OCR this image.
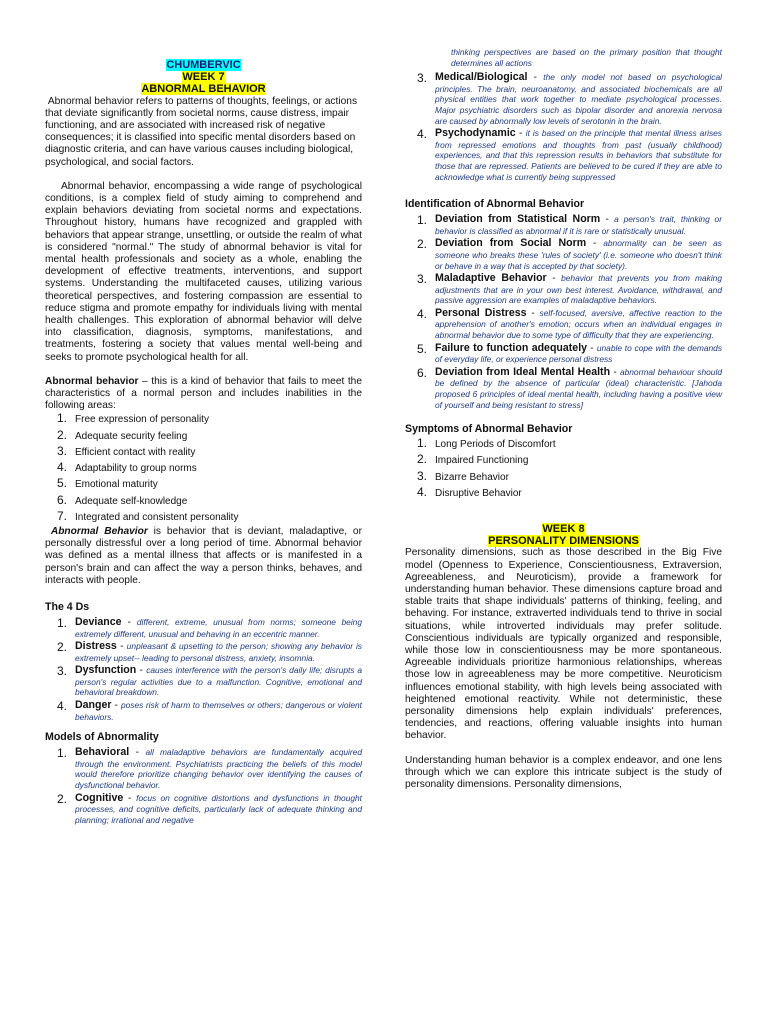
CHUMBERVIC
WEEK 7
ABNORMAL BEHAVIOR
Abnormal behavior refers to patterns of thoughts, feelings, or actions that deviate significantly from societal norms, cause distress, impair functioning, and are associated with increased risk of negative consequences; it is classified into specific mental disorders based on diagnostic criteria, and can have various causes including biological, psychological, and social factors.
Abnormal behavior, encompassing a wide range of psychological conditions, is a complex field of study aiming to comprehend and explain behaviors deviating from societal norms and expectations. Throughout history, humans have recognized and grappled with behaviors that appear strange, unsettling, or outside the realm of what is considered "normal." The study of abnormal behavior is vital for mental health professionals and society as a whole, enabling the development of effective treatments, interventions, and support systems. Understanding the multifaceted causes, utilizing various theoretical perspectives, and fostering compassion are essential to reduce stigma and promote empathy for individuals living with mental health challenges. This exploration of abnormal behavior will delve into classification, diagnosis, symptoms, manifestations, and treatments, fostering a society that values mental well-being and seeks to promote psychological health for all.
Abnormal behavior – this is a kind of behavior that fails to meet the characteristics of a normal person and includes inabilities in the following areas:
1. Free expression of personality
2. Adequate security feeling
3. Efficient contact with reality
4. Adaptability to group norms
5. Emotional maturity
6. Adequate self-knowledge
7. Integrated and consistent personality
Abnormal Behavior is behavior that is deviant, maladaptive, or personally distressful over a long period of time. Abnormal behavior was defined as a mental illness that affects or is manifested in a person's brain and can affect the way a person thinks, behaves, and interacts with people.
The 4 Ds
1. Deviance - different, extreme, unusual from norms; someone being extremely different, unusual and behaving in an eccentric manner.
2. Distress - unpleasant & upsetting to the person; showing any behavior is extremely upset-- leading to personal distress, anxiety, insomnia.
3. Dysfunction - causes interference with the person's daily life; disrupts a person's regular activities due to a malfunction. Cognitive, emotional and behavioral breakdown.
4. Danger - poses risk of harm to themselves or others; dangerous or violent behaviors.
Models of Abnormality
1. Behavioral - all maladaptive behaviors are fundamentally acquired through the environment. Psychiatrists practicing the beliefs of this model would therefore prioritize changing behavior over identifying the causes of dysfunctional behavior.
2. Cognitive - focus on cognitive distortions and dysfunctions in thought processes, and cognitive deficits, particularly lack of adequate thinking and planning; irrational and negative
thinking perspectives are based on the primary position that thought determines all actions
3. Medical/Biological - the only model not based on psychological principles. The brain, neuroanatomy, and associated biochemicals are all physical entities that work together to mediate psychological processes. Major psychiatric disorders such as bipolar disorder and anorexia nervosa are caused by abnormally low levels of serotonin in the brain.
4. Psychodynamic - it is based on the principle that mental illness arises from repressed emotions and thoughts from past (usually childhood) experiences, and that this repression results in behaviors that substitute for those that are repressed. Patients are believed to be cured if they are able to acknowledge what is currently being suppressed
Identification of Abnormal Behavior
1. Deviation from Statistical Norm - a person's trait, thinking or behavior is classified as abnormal if it is rare or statistically unusual.
2. Deviation from Social Norm - abnormality can be seen as someone who breaks these 'rules of society' (i.e. someone who doesn't think or behave in a way that is accepted by that society).
3. Maladaptive Behavior - behavior that prevents you from making adjustments that are in your own best interest. Avoidance, withdrawal, and passive aggression are examples of maladaptive behaviors.
4. Personal Distress - self-focused, aversive, affective reaction to the apprehension of another's emotion; occurs when an individual engages in abnormal behavior due to some type of difficulty that they are experiencing.
5. Failure to function adequately - unable to cope with the demands of everyday life, or experience personal distress
6. Deviation from Ideal Mental Health - abnormal behaviour should be defined by the absence of particular (ideal) characteristic. [Jahoda proposed 6 principles of ideal mental health, including having a positive view of yourself and being resistant to stress]
Symptoms of Abnormal Behavior
1. Long Periods of Discomfort
2. Impaired Functioning
3. Bizarre Behavior
4. Disruptive Behavior
WEEK 8
PERSONALITY DIMENSIONS
Personality dimensions, such as those described in the Big Five model (Openness to Experience, Conscientiousness, Extraversion, Agreeableness, and Neuroticism), provide a framework for understanding human behavior. These dimensions capture broad and stable traits that shape individuals' patterns of thinking, feeling, and behaving. For instance, extraverted individuals tend to thrive in social situations, while introverted individuals may prefer solitude. Conscientious individuals are typically organized and responsible, while those low in conscientiousness may be more spontaneous. Agreeable individuals prioritize harmonious relationships, whereas those low in agreeableness may be more competitive. Neuroticism influences emotional stability, with high levels being associated with heightened emotional reactivity. While not deterministic, these personality dimensions help explain individuals' preferences, tendencies, and reactions, offering valuable insights into human behavior.
Understanding human behavior is a complex endeavor, and one lens through which we can explore this intricate subject is the study of personality dimensions. Personality dimensions,
